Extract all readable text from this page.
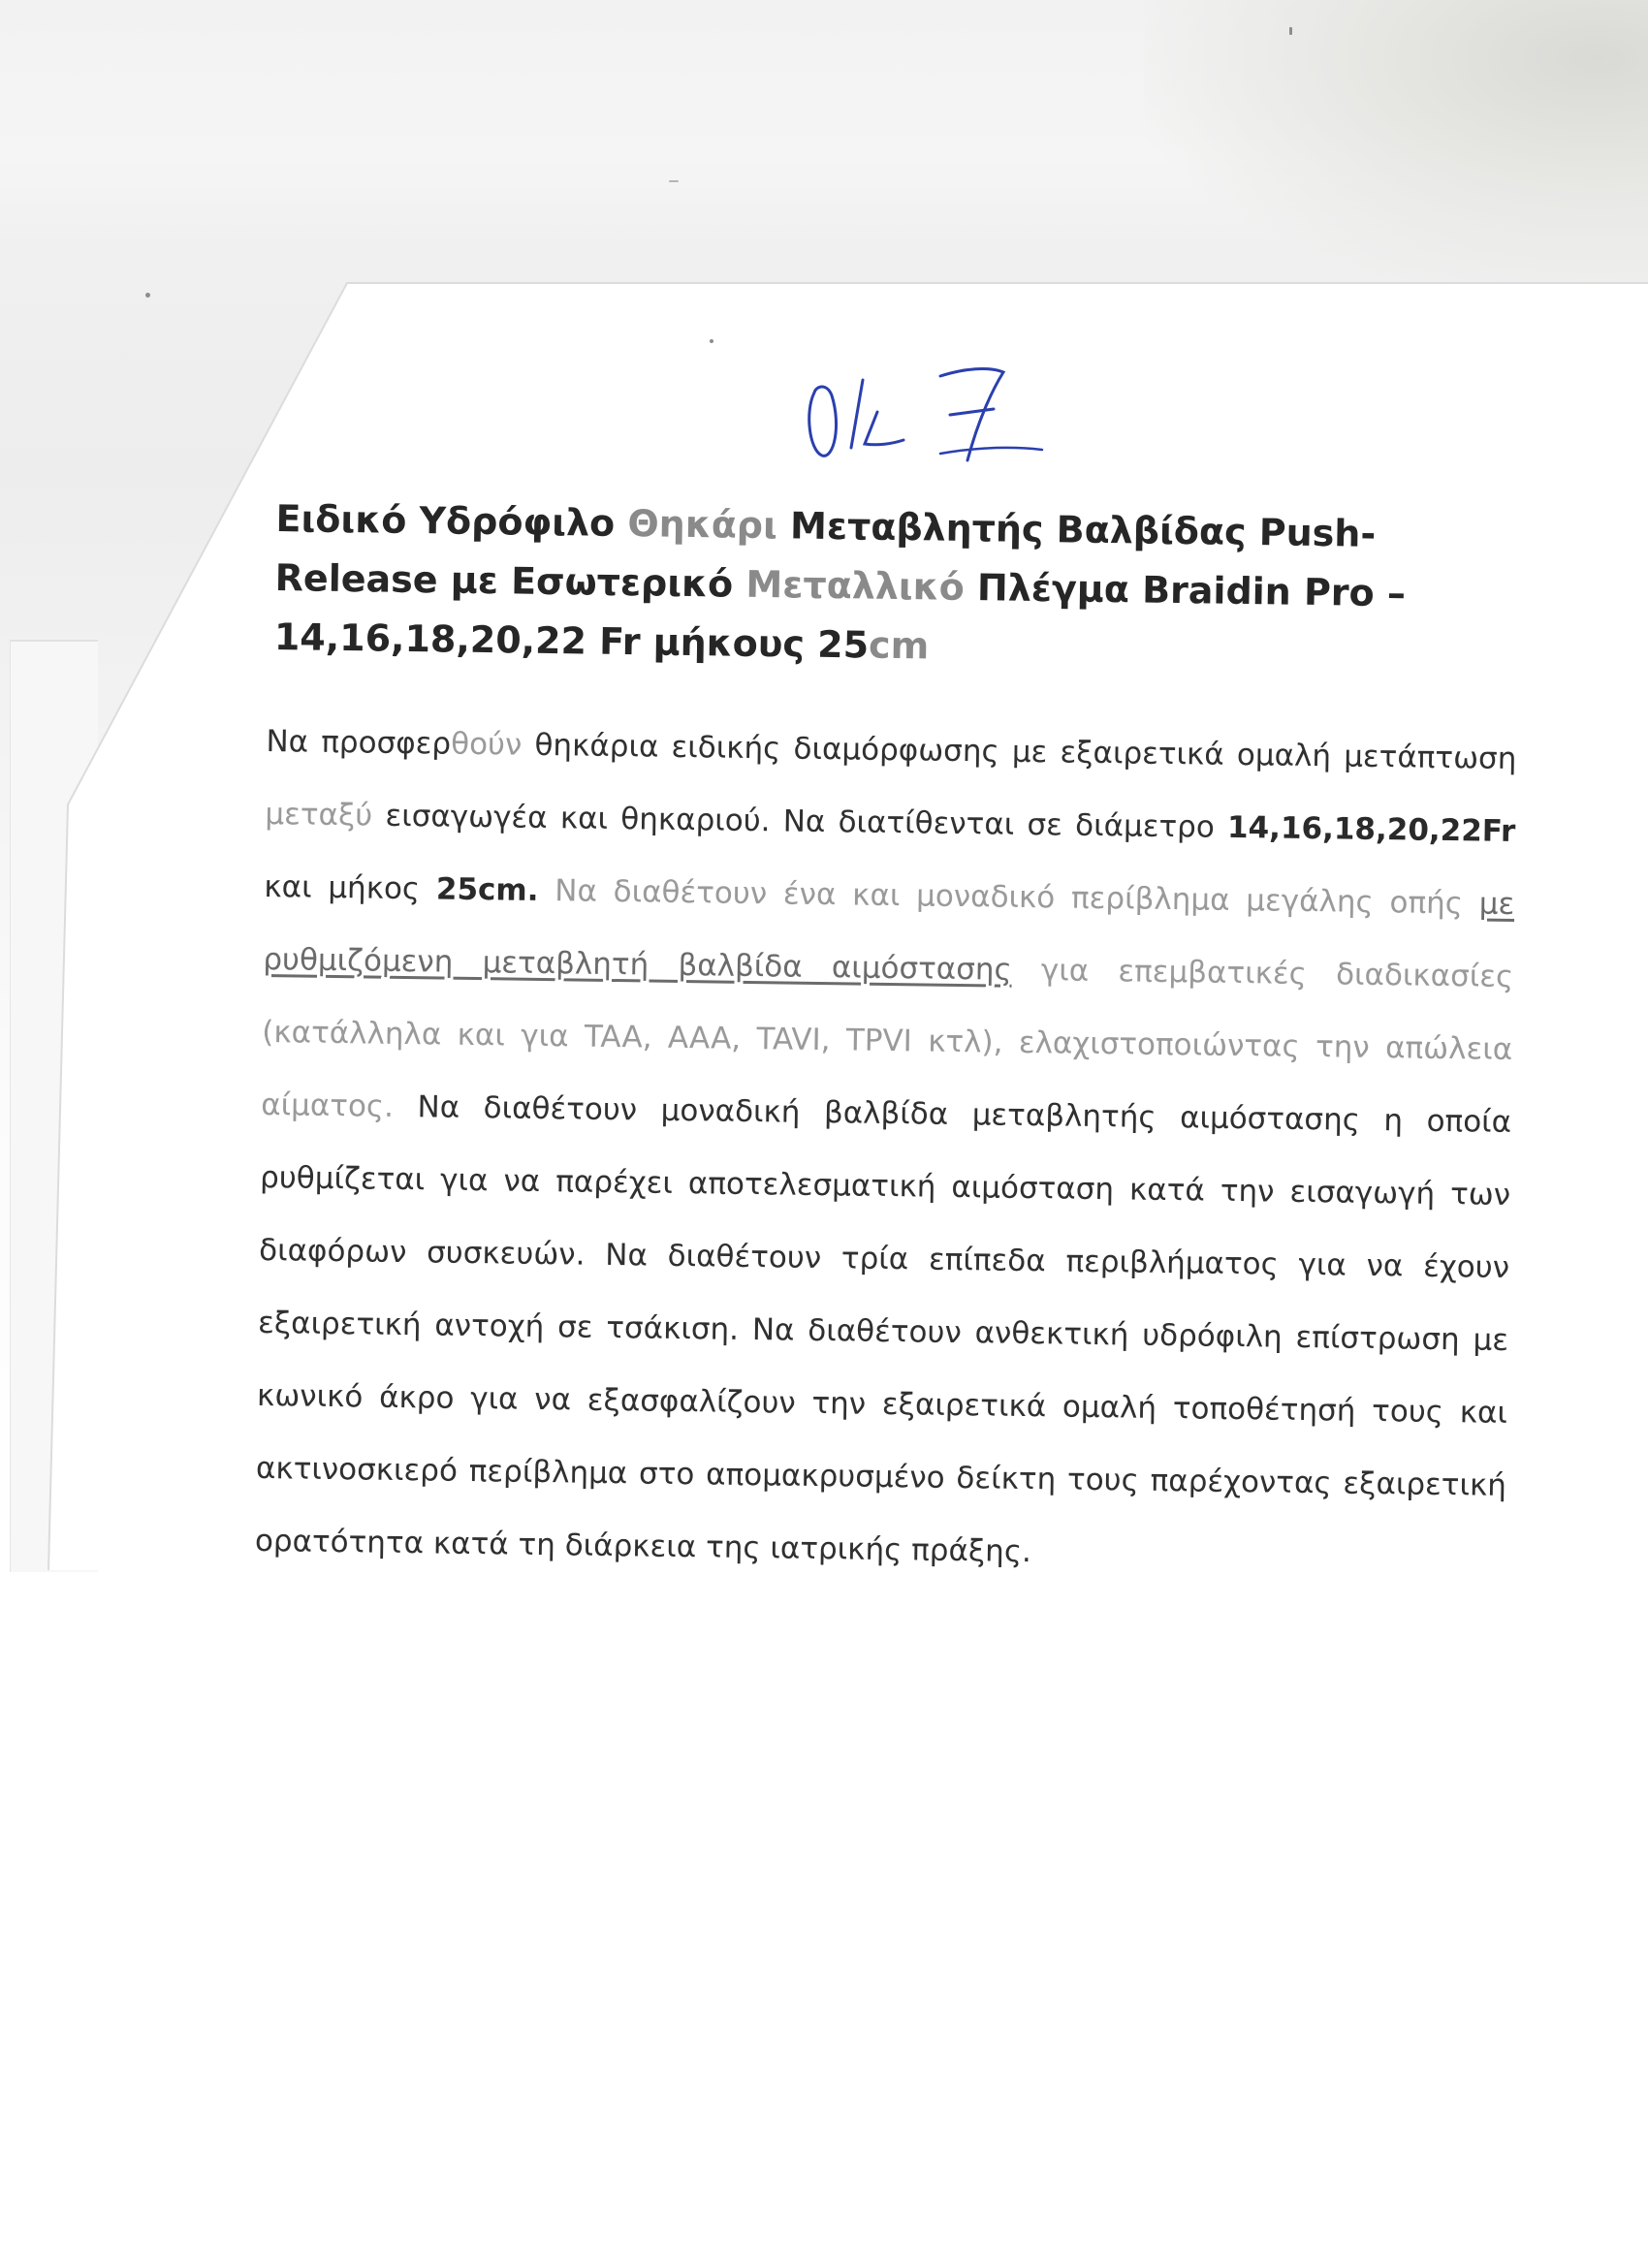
Ειδικό Υδρόφιλο Θηκάρι Μεταβλητής Βαλβίδας Push-Release με Εσωτερικό Μεταλλικό Πλέγμα Braidin Pro –14,16,18,20,22 Fr μήκους 25cm

Να προσφερθούν θηκάρια ειδικής διαμόρφωσης με εξαιρετικά ομαλή μετάπτωση μεταξύ εισαγωγέα και θηκαριού. Να διατίθενται σε διάμετρο 14,16,18,20,22Fr και μήκος 25cm. Να διαθέτουν ένα και μοναδικό περίβλημα μεγάλης οπής με ρυθμιζόμενη μεταβλητή βαλβίδα αιμόστασης για επεμβατικές διαδικασίες (κατάλληλα και για TAA, AAA, TAVI, TPVI κτλ), ελαχιστοποιώντας την απώλεια αίματος. Να διαθέτουν μοναδική βαλβίδα μεταβλητής αιμόστασης η οποία ρυθμίζεται για να παρέχει αποτελεσματική αιμόσταση κατά την εισαγωγή των διαφόρων συσκευών. Να διαθέτουν τρία επίπεδα περιβλήματος για να έχουν εξαιρετική αντοχή σε τσάκιση. Να διαθέτουν ανθεκτική υδρόφιλη επίστρωση με κωνικό άκρο για να εξασφαλίζουν την εξαιρετικά ομαλή τοποθέτησή τους και ακτινοσκιερό περίβλημα στο απομακρυσμένο δείκτη τους παρέχοντας εξαιρετική ορατότητα κατά τη διάρκεια της ιατρικής πράξης.
